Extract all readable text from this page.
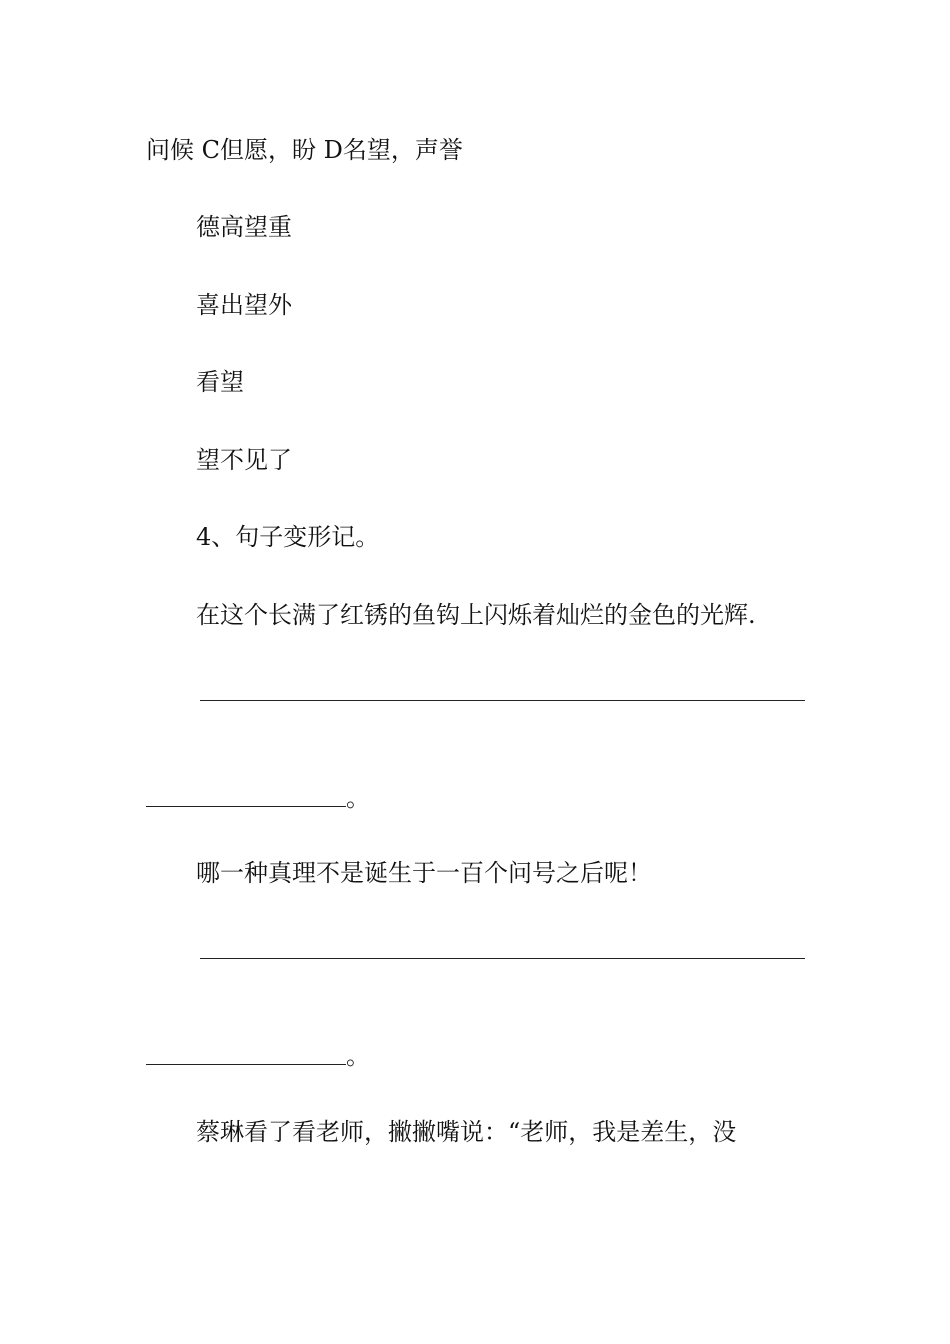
问候 C但愿，盼 D名望，声誉
德高望重
喜出望外
看望
望不见了
4、句子变形记。
在这个长满了红锈的鱼钩上闪烁着灿烂的金色的光辉.
。
哪一种真理不是诞生于一百个问号之后呢！
。
蔡琳看了看老师，撇撇嘴说：“老师，我是差生，没
